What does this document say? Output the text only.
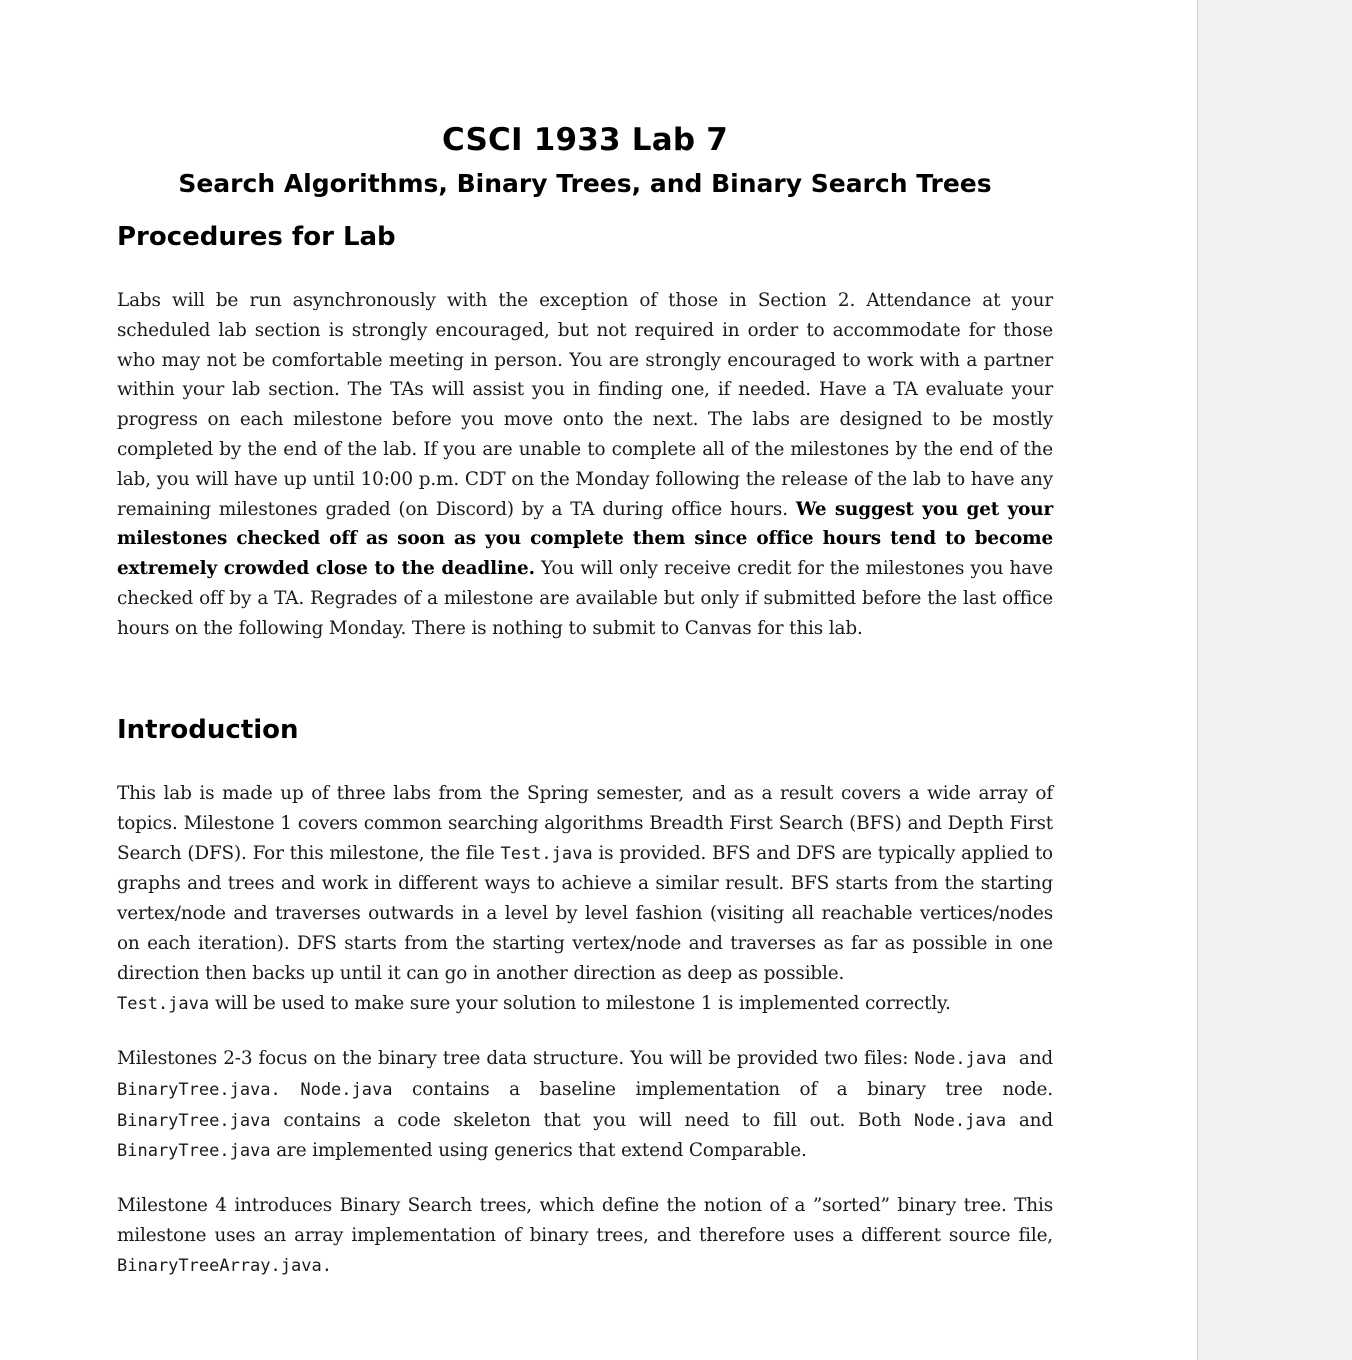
CSCI 1933 Lab 7
Search Algorithms, Binary Trees, and Binary Search Trees
Procedures for Lab

Labs will be run asynchronously with the exception of those in Section 2. Attendance at your scheduled lab section is strongly encouraged, but not required in order to accommodate for those who may not be comfortable meeting in person. You are strongly encouraged to work with a partner within your lab section. The TAs will assist you in finding one, if needed. Have a TA evaluate your progress on each milestone before you move onto the next. The labs are designed to be mostly completed by the end of the lab. If you are unable to complete all of the milestones by the end of the lab, you will have up until 10:00 p.m. CDT on the Monday following the release of the lab to have any remaining milestones graded (on Discord) by a TA during office hours. We suggest you get your milestones checked off as soon as you complete them since office hours tend to become extremely crowded close to the deadline. You will only receive credit for the milestones you have checked off by a TA. Regrades of a milestone are available but only if submitted before the last office hours on the following Monday. There is nothing to submit to Canvas for this lab.

Introduction

This lab is made up of three labs from the Spring semester, and as a result covers a wide array of topics. Milestone 1 covers common searching algorithms Breadth First Search (BFS) and Depth First Search (DFS). For this milestone, the file Test.java is provided. BFS and DFS are typically applied to graphs and trees and work in different ways to achieve a similar result. BFS starts from the starting vertex/node and traverses outwards in a level by level fashion (visiting all reachable vertices/nodes on each iteration). DFS starts from the starting vertex/node and traverses as far as possible in one direction then backs up until it can go in another direction as deep as possible.
Test.java will be used to make sure your solution to milestone 1 is implemented correctly.

Milestones 2-3 focus on the binary tree data structure. You will be provided two files: Node.java and BinaryTree.java. Node.java contains a baseline implementation of a binary tree node. BinaryTree.java contains a code skeleton that you will need to fill out. Both Node.java and BinaryTree.java are implemented using generics that extend Comparable.

Milestone 4 introduces Binary Search trees, which define the notion of a ”sorted” binary tree. This milestone uses an array implementation of binary trees, and therefore uses a different source file, BinaryTreeArray.java.
